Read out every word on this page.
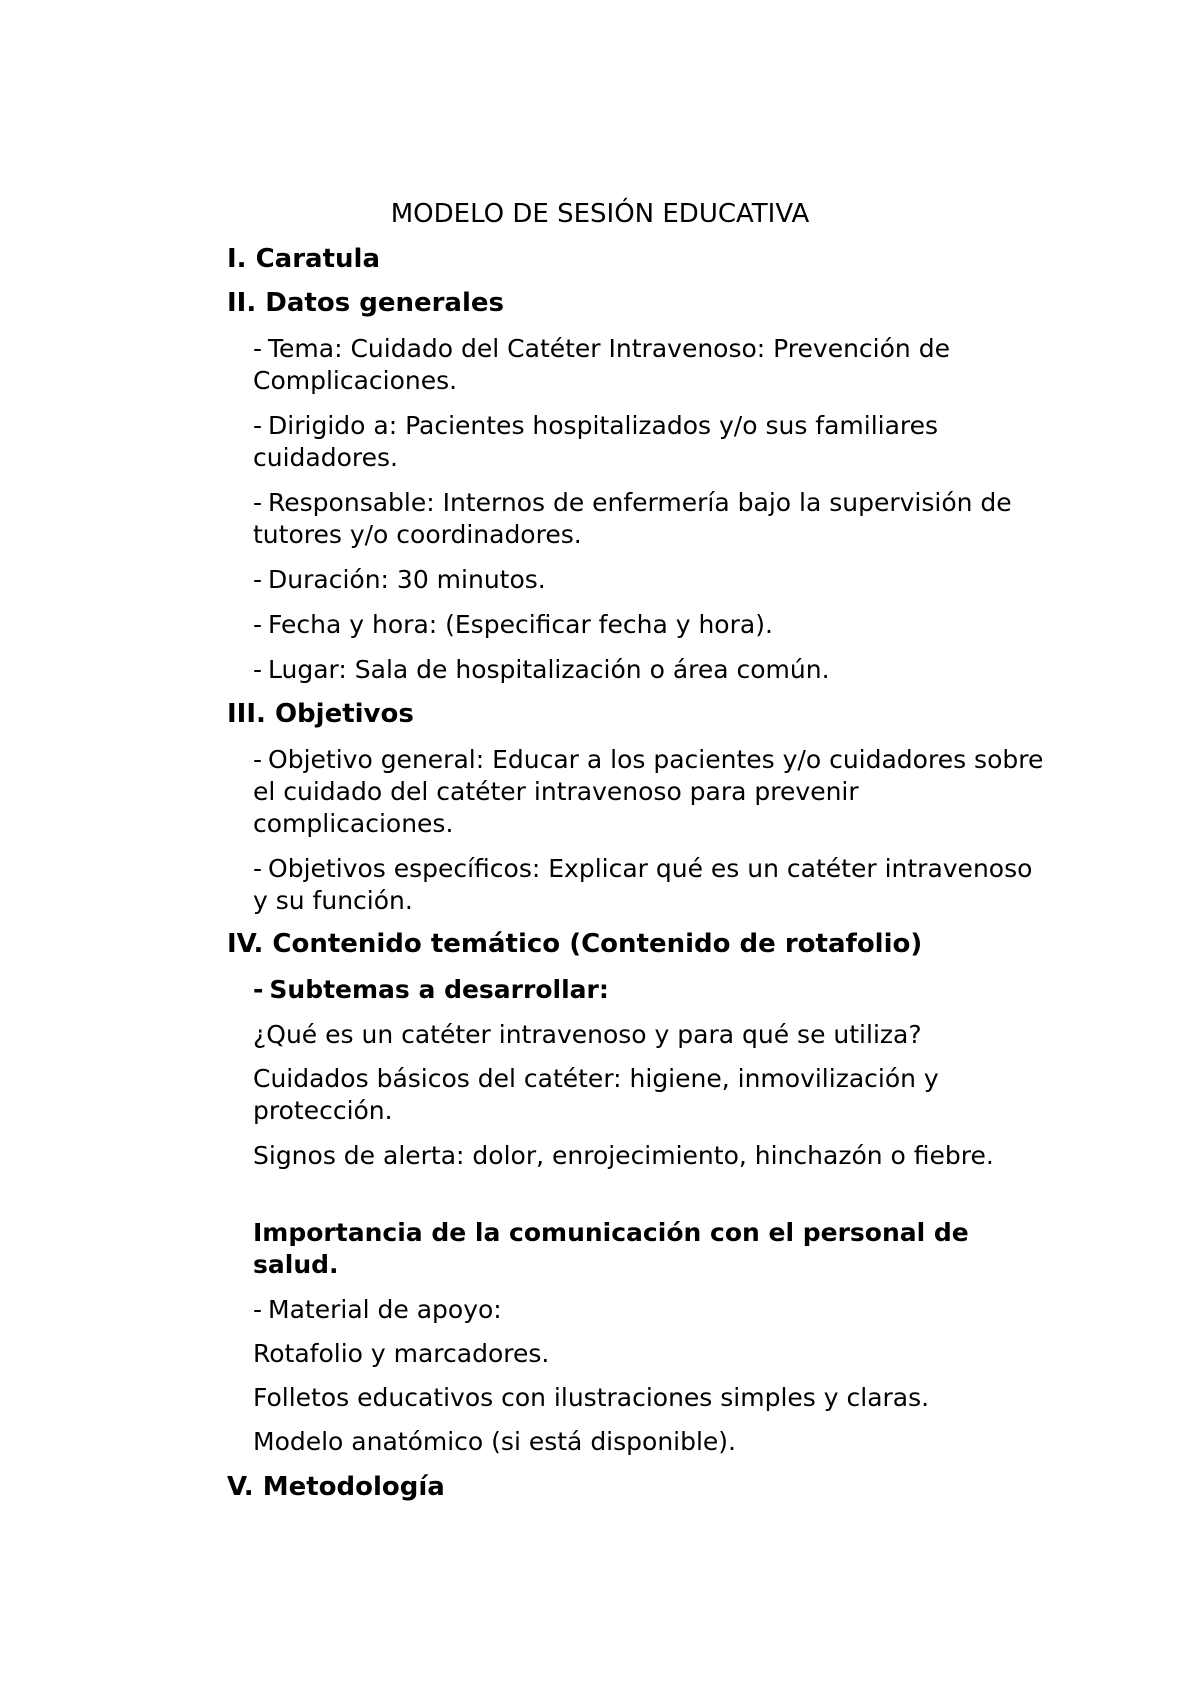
MODELO DE SESIÓN EDUCATIVA
I. Caratula
II. Datos generales

- Tema: Cuidado del Catéter Intravenoso: Prevención de Complicaciones.

- Dirigido a: Pacientes hospitalizados y/o sus familiares cuidadores.

- Responsable: Internos de enfermería bajo la supervisión de tutores y/o coordinadores.

- Duración: 30 minutos.

- Fecha y hora: (Especificar fecha y hora).

- Lugar: Sala de hospitalización o área común.

III. Objetivos

- Objetivo general: Educar a los pacientes y/o cuidadores sobre el cuidado del catéter intravenoso para prevenir complicaciones.

- Objetivos específicos: Explicar qué es un catéter intravenoso y su función.

IV. Contenido temático (Contenido de rotafolio)

- Subtemas a desarrollar:

¿Qué es un catéter intravenoso y para qué se utiliza?

Cuidados básicos del catéter: higiene, inmovilización y protección.

Signos de alerta: dolor, enrojecimiento, hinchazón o fiebre.

Importancia de la comunicación con el personal de salud.

- Material de apoyo:

Rotafolio y marcadores.

Folletos educativos con ilustraciones simples y claras.

Modelo anatómico (si está disponible).

V. Metodología
